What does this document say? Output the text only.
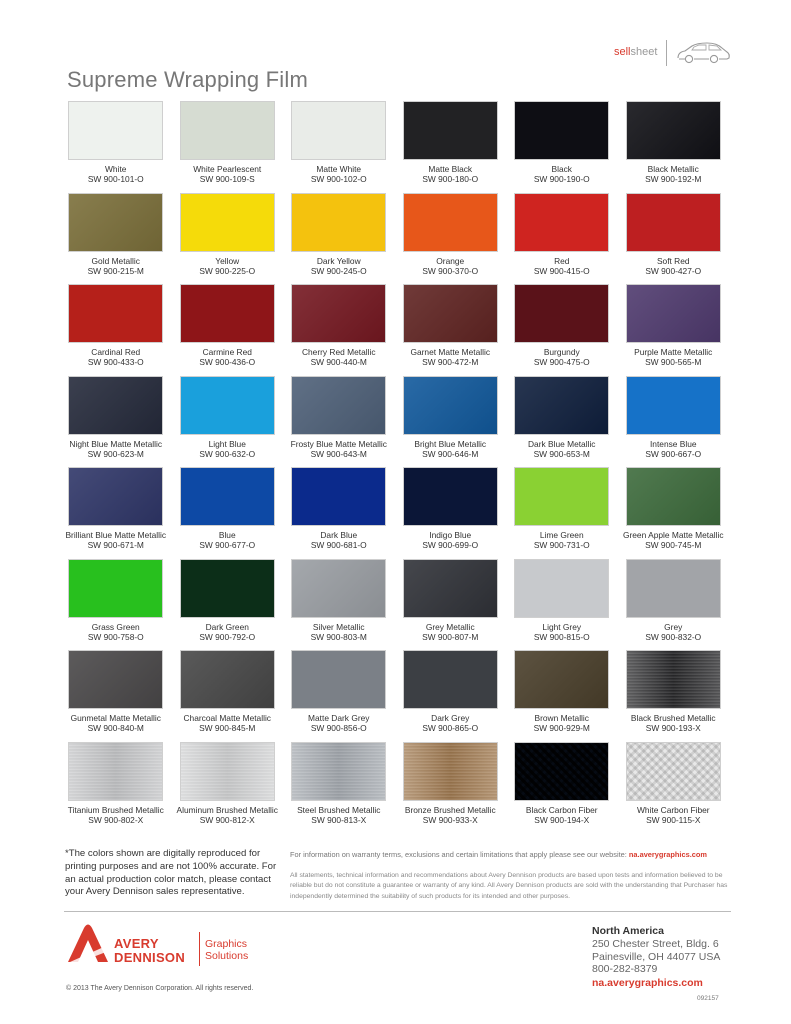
sellsheet
Supreme Wrapping Film
White
SW 900-101-O
White Pearlescent
SW 900-109-S
Matte White
SW 900-102-O
Matte Black
SW 900-180-O
Black
SW 900-190-O
Black Metallic
SW 900-192-M
Gold Metallic
SW 900-215-M
Yellow
SW 900-225-O
Dark Yellow
SW 900-245-O
Orange
SW 900-370-O
Red
SW 900-415-O
Soft Red
SW 900-427-O
Cardinal Red
SW 900-433-O
Carmine Red
SW 900-436-O
Cherry Red Metallic
SW 900-440-M
Garnet Matte Metallic
SW 900-472-M
Burgundy
SW 900-475-O
Purple Matte Metallic
SW 900-565-M
Night Blue Matte Metallic
SW 900-623-M
Light Blue
SW 900-632-O
Frosty Blue Matte Metallic
SW 900-643-M
Bright Blue Metallic
SW 900-646-M
Dark Blue Metallic
SW 900-653-M
Intense Blue
SW 900-667-O
Brilliant Blue Matte Metallic
SW 900-671-M
Blue
SW 900-677-O
Dark Blue
SW 900-681-O
Indigo Blue
SW 900-699-O
Lime Green
SW 900-731-O
Green Apple Matte Metallic
SW 900-745-M
Grass Green
SW 900-758-O
Dark Green
SW 900-792-O
Silver Metallic
SW 900-803-M
Grey Metallic
SW 900-807-M
Light Grey
SW 900-815-O
Grey
SW 900-832-O
Gunmetal Matte Metallic
SW 900-840-M
Charcoal Matte Metallic
SW 900-845-M
Matte Dark Grey
SW 900-856-O
Dark Grey
SW 900-865-O
Brown Metallic
SW 900-929-M
Black Brushed Metallic
SW 900-193-X
Titanium Brushed Metallic
SW 900-802-X
Aluminum Brushed Metallic
SW 900-812-X
Steel Brushed Metallic
SW 900-813-X
Bronze Brushed Metallic
SW 900-933-X
Black Carbon Fiber
SW 900-194-X
White Carbon Fiber
SW 900-115-X
*The colors shown are digitally reproduced for printing purposes and are not 100% accurate. For an actual production color match, please contact your Avery Dennison sales representative.
For information on warranty terms, exclusions and certain limitations that apply please see our website: na.averygraphics.com
All statements, technical information and recommendations about Avery Dennison products are based upon tests and information believed to be reliable but do not constitute a guarantee or warranty of any kind. All Avery Dennison products are sold with the understanding that Purchaser has independently determined the suitability of such products for its intended and other purposes.
AVERY
DENNISON
Graphics
Solutions
North America
250 Chester Street, Bldg. 6
Painesville, OH 44077 USA
800-282-8379
na.averygraphics.com
© 2013 The Avery Dennison Corporation. All rights reserved.
092157
